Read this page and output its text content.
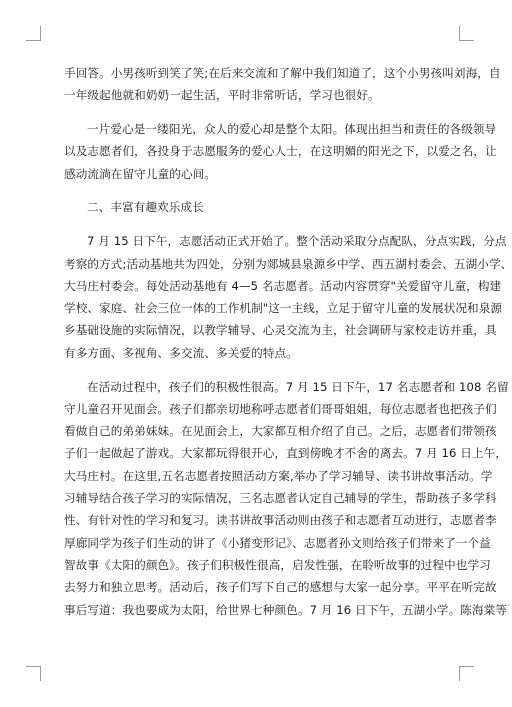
手回答。小男孩听到笑了笑;在后来交流和了解中我们知道了，这个小男孩叫刘海，自
一年级起他就和奶奶一起生活，平时非常听话，学习也很好。
一片爱心是一缕阳光，众人的爱心却是整个太阳。体现出担当和责任的各级领导
以及志愿者们，各投身于志愿服务的爱心人士，在这明媚的阳光之下，以爱之名，让
感动流淌在留守儿童的心间。
二、丰富有趣欢乐成长
7 月 15 日下午，志愿活动正式开始了。整个活动采取分点配队，分点实践，分点
考察的方式;活动基地共为四处，分别为郯城县泉源乡中学、西五湖村委会、五湖小学、
大马庄村委会。每处活动基地有 4—5 名志愿者。活动内容贯穿"关爱留守儿童，构建
学校、家庭、社会三位一体的工作机制"这一主线，立足于留守儿童的发展状况和泉源
乡基础设施的实际情况，以教学辅导、心灵交流为主，社会调研与家校走访并重，具
有多方面、多视角、多交流、多关爱的特点。
在活动过程中，孩子们的积极性很高。7 月 15 日下午，17 名志愿者和 108 名留
守儿童召开见面会。孩子们都亲切地称呼志愿者们哥哥姐姐，每位志愿者也把孩子们
看做自己的弟弟妹妹。在见面会上，大家都互相介绍了自己。之后，志愿者们带领孩
子们一起做起了游戏。大家都玩得很开心，直到傍晚才不舍的离去。7 月 16 日上午，
大马庄村。在这里,五名志愿者按照活动方案,举办了学习辅导、读书讲故事活动。学
习辅导结合孩子学习的实际情况，三名志愿者认定自己辅导的学生，帮助孩子多学科
性、有针对性的学习和复习。读书讲故事活动则由孩子和志愿者互动进行，志愿者李
厚廊同学为孩子们生动的讲了《小猪变形记》、志愿者孙文则给孩子们带来了一个益
智故事《太阳的颜色》。孩子们积极性很高，启发性强，在聆听故事的过程中也学习
去努力和独立思考。活动后，孩子们写下自己的感想与大家一起分享。平平在听完故
事后写道：我也要成为太阳，给世界七种颜色。7 月 16 日下午，五湖小学。陈海棠等
